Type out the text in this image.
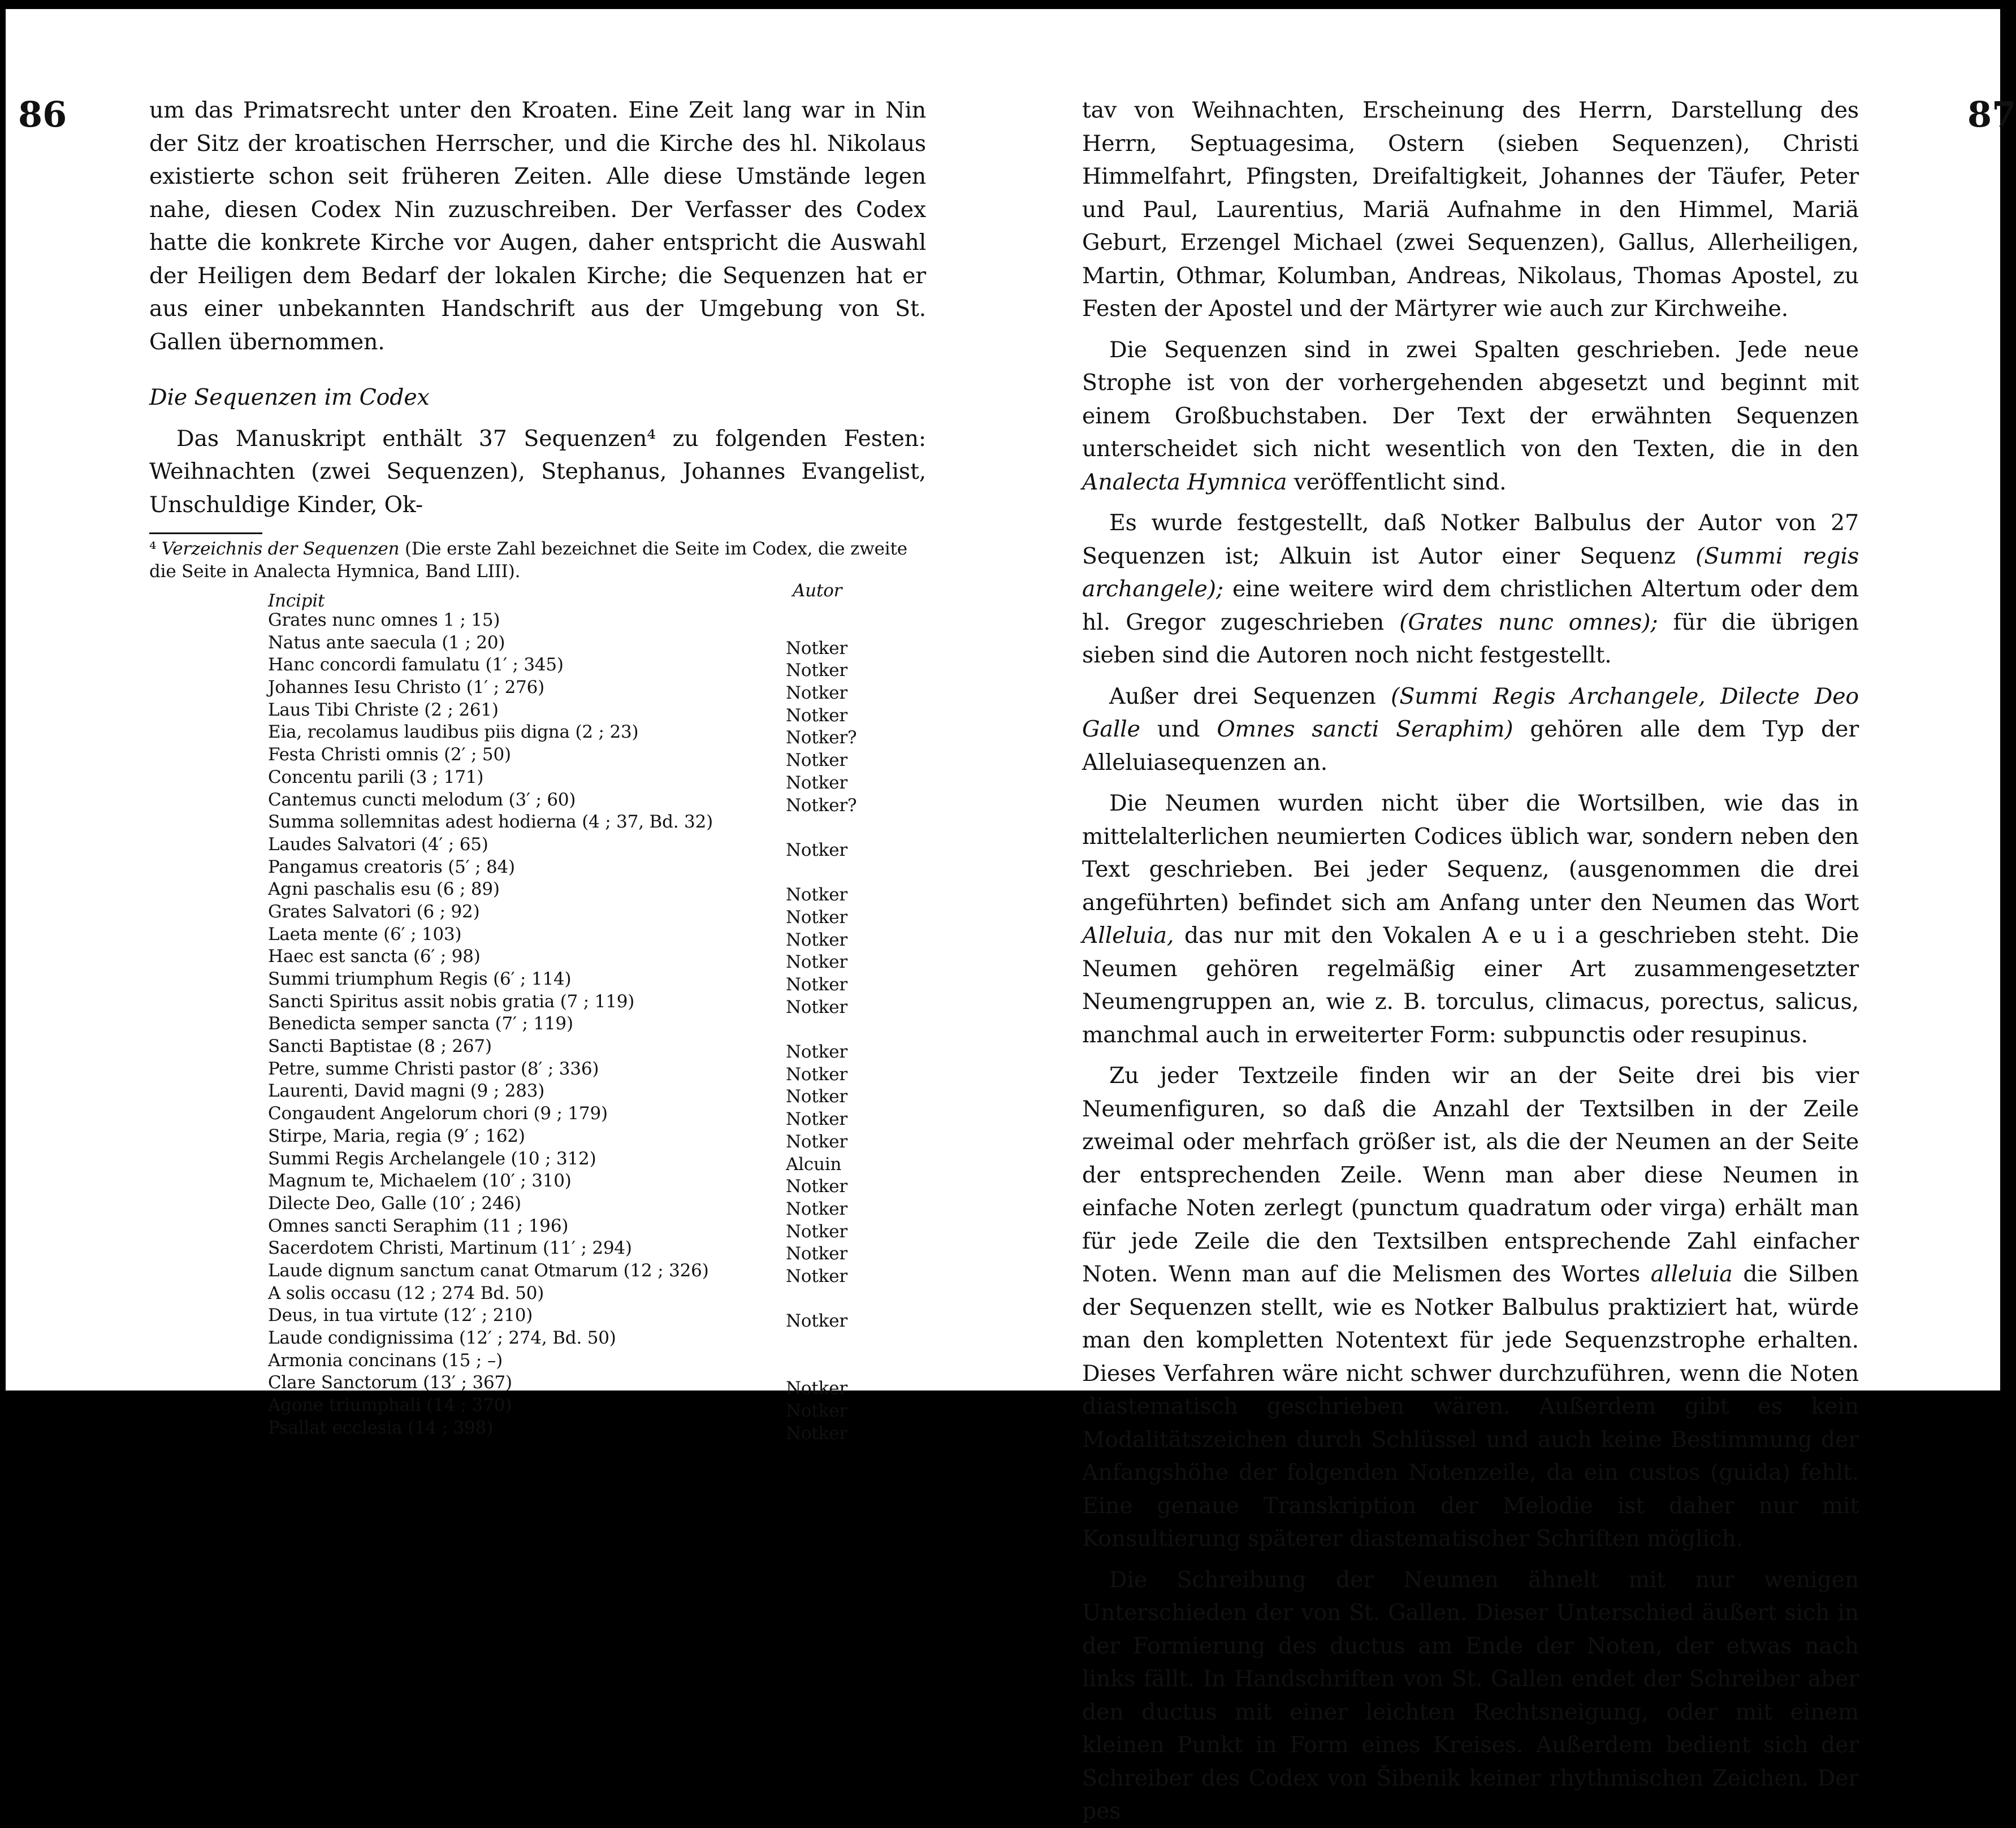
86	87

um das Primatsrecht unter den Kroaten. Eine Zeit lang war in Nin der Sitz der kroatischen Herrscher, und die Kirche des hl. Nikolaus existierte schon seit früheren Zeiten. Alle diese Umstände legen nahe, diesen Codex Nin zuzuschreiben. Der Verfasser des Codex hatte die konkrete Kirche vor Augen, daher entspricht die Auswahl der Heiligen dem Bedarf der lokalen Kirche; die Sequenzen hat er aus einer unbekannten Handschrift aus der Umgebung von St. Gallen übernommen.

Die Sequenzen im Codex

Das Manuskript enthält 37 Sequenzen⁴ zu folgenden Festen: Weihnachten (zwei Sequenzen), Stephanus, Johannes Evangelist, Unschuldige Kinder, Ok-

⁴ Verzeichnis der Sequenzen (Die erste Zahl bezeichnet die Seite im Codex, die zweite die Seite in Analecta Hymnica, Band LIII).
Incipit	Autor
Grates nunc omnes 1 ; 15)
Natus ante saecula (1 ; 20)	Notker
Hanc concordi famulatu (1′ ; 345)	Notker
Johannes Iesu Christo (1′ ; 276)	Notker
Laus Tibi Christe (2 ; 261)	Notker
Eia, recolamus laudibus piis digna (2 ; 23)	Notker?
Festa Christi omnis (2′ ; 50)	Notker
Concentu parili (3 ; 171)	Notker
Cantemus cuncti melodum (3′ ; 60)	Notker?
Summa sollemnitas adest hodierna (4 ; 37, Bd. 32)
Laudes Salvatori (4′ ; 65)	Notker
Pangamus creatoris (5′ ; 84)
Agni paschalis esu (6 ; 89)	Notker
Grates Salvatori (6 ; 92)	Notker
Laeta mente (6′ ; 103)	Notker
Haec est sancta (6′ ; 98)	Notker
Summi triumphum Regis (6′ ; 114)	Notker
Sancti Spiritus assit nobis gratia (7 ; 119)	Notker
Benedicta semper sancta (7′ ; 119)
Sancti Baptistae (8 ; 267)	Notker
Petre, summe Christi pastor (8′ ; 336)	Notker
Laurenti, David magni (9 ; 283)	Notker
Congaudent Angelorum chori (9 ; 179)	Notker
Stirpe, Maria, regia (9′ ; 162)	Notker
Summi Regis Archelangele (10 ; 312)	Alcuin
Magnum te, Michaelem (10′ ; 310)	Notker
Dilecte Deo, Galle (10′ ; 246)	Notker
Omnes sancti Seraphim (11 ; 196)	Notker
Sacerdotem Christi, Martinum (11′ ; 294)	Notker
Laude dignum sanctum canat Otmarum (12 ; 326)	Notker
A solis occasu (12 ; 274 Bd. 50)
Deus, in tua virtute (12′ ; 210)	Notker
Laude condignissima (12′ ; 274, Bd. 50)
Armonia concinans (15 ; –)
Clare Sanctorum (13′ ; 367)	Notker
Agone triumphali (14 ; 370)	Notker
Psallat ecclesia (14 ; 398)	Notker

tav von Weihnachten, Erscheinung des Herrn, Darstellung des Herrn, Septuagesima, Ostern (sieben Sequenzen), Christi Himmelfahrt, Pfingsten, Dreifaltigkeit, Johannes der Täufer, Peter und Paul, Laurentius, Mariä Aufnahme in den Himmel, Mariä Geburt, Erzengel Michael (zwei Sequenzen), Gallus, Allerheiligen, Martin, Othmar, Kolumban, Andreas, Nikolaus, Thomas Apostel, zu Festen der Apostel und der Märtyrer wie auch zur Kirchweihe.

Die Sequenzen sind in zwei Spalten geschrieben. Jede neue Strophe ist von der vorhergehenden abgesetzt und beginnt mit einem Großbuchstaben. Der Text der erwähnten Sequenzen unterscheidet sich nicht wesentlich von den Texten, die in den Analecta Hymnica veröffentlicht sind.

Es wurde festgestellt, daß Notker Balbulus der Autor von 27 Sequenzen ist; Alkuin ist Autor einer Sequenz (Summi regis archangele); eine weitere wird dem christlichen Altertum oder dem hl. Gregor zugeschrieben (Grates nunc omnes); für die übrigen sieben sind die Autoren noch nicht festgestellt.

Außer drei Sequenzen (Summi Regis Archangele, Dilecte Deo Galle und Omnes sancti Seraphim) gehören alle dem Typ der Alleluiasequenzen an.

Die Neumen wurden nicht über die Wortsilben, wie das in mittelalterlichen neumierten Codices üblich war, sondern neben den Text geschrieben. Bei jeder Sequenz, (ausgenommen die drei angeführten) befindet sich am Anfang unter den Neumen das Wort Alleluia, das nur mit den Vokalen A e u i a geschrieben steht. Die Neumen gehören regelmäßig einer Art zusammengesetzter Neumengruppen an, wie z. B. torculus, climacus, porectus, salicus, manchmal auch in erweiterter Form: subpunctis oder resupinus.

Zu jeder Textzeile finden wir an der Seite drei bis vier Neumenfiguren, so daß die Anzahl der Textsilben in der Zeile zweimal oder mehrfach größer ist, als die der Neumen an der Seite der entsprechenden Zeile. Wenn man aber diese Neumen in einfache Noten zerlegt (punctum quadratum oder virga) erhält man für jede Zeile die den Textsilben entsprechende Zahl einfacher Noten. Wenn man auf die Melismen des Wortes alleluia die Silben der Sequenzen stellt, wie es Notker Balbulus praktiziert hat, würde man den kompletten Notentext für jede Sequenzstrophe erhalten. Dieses Verfahren wäre nicht schwer durchzuführen, wenn die Noten diastematisch geschrieben wären. Außerdem gibt es kein Modalitätszeichen durch Schlüssel und auch keine Bestimmung der Anfangshöhe der folgenden Notenzeile, da ein custos (guida) fehlt. Eine genaue Transkription der Melodie ist daher nur mit Konsultierung späterer diastematischer Schriften möglich.

Die Schreibung der Neumen ähnelt mit nur wenigen Unterschieden der von St. Gallen. Dieser Unterschied äußert sich in der Formierung des ductus am Ende der Noten, der etwas nach links fällt. In Handschriften von St. Gallen endet der Schreiber aber den ductus mit einer leichten Rechtsneigung, oder mit einem kleinen Punkt in Form eines Kreises. Außerdem bedient sich der Schreiber des Codex von Šibenik keiner rhythmischen Zeichen. Der pes
